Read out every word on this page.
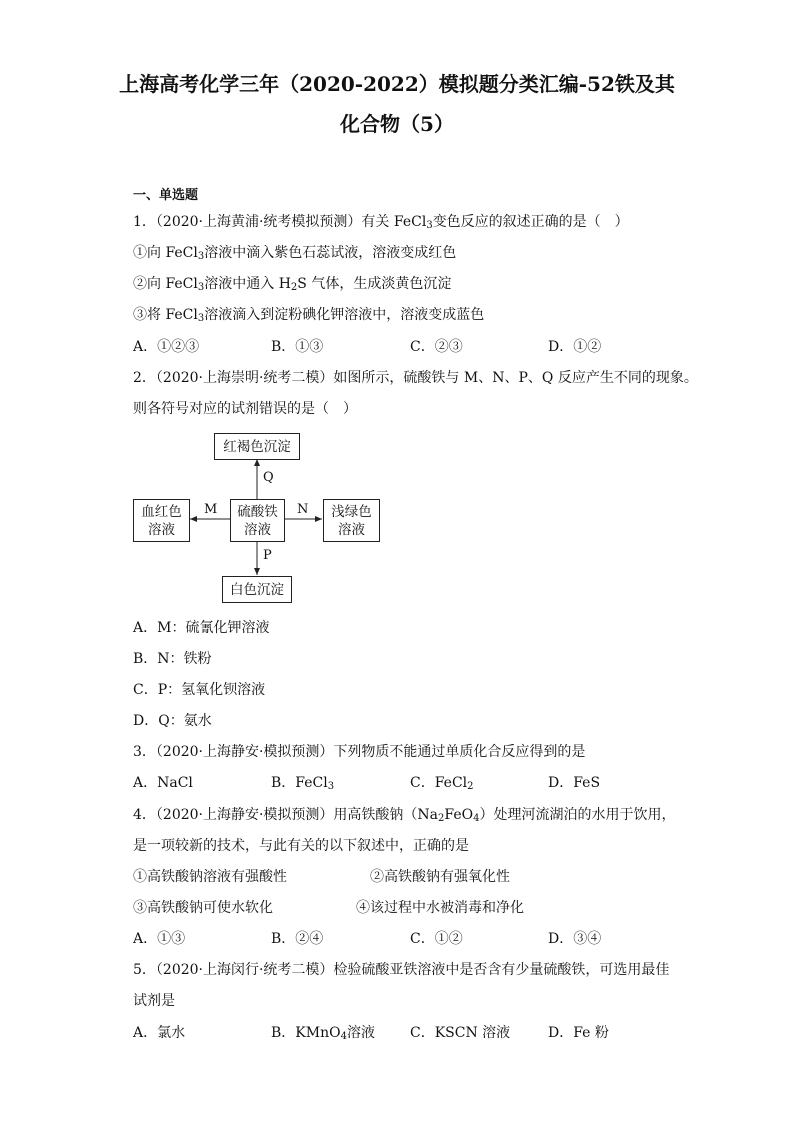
上海高考化学三年（2020-2022）模拟题分类汇编-52铁及其
化合物（5）
一、单选题
1．（2020·上海黄浦·统考模拟预测）有关 FeCl$_3$变色反应的叙述正确的是（　）
①向 FeCl$_3$溶液中滴入紫色石蕊试液，溶液变成红色
②向 FeCl$_3$溶液中通入 $H_2S$ 气体，生成淡黄色沉淀
③将 FeCl$_3$溶液滴入到淀粉碘化钾溶液中，溶液变成蓝色
A．①②③	B．①③	C．②③	D．①②
2．（2020·上海崇明·统考二模）如图所示，硫酸铁与 M、N、P、Q 反应产生不同的现象。
则各符号对应的试剂错误的是（　）
红褐色沉淀
血红色
溶液
硫酸铁
溶液
浅绿色
溶液
白色沉淀
Q
M	N
P
A．M：硫氰化钾溶液
B．N：铁粉
C．P：氢氧化钡溶液
D．Q：氨水
3．（2020·上海静安·模拟预测）下列物质不能通过单质化合反应得到的是
A．NaCl	B．FeCl$_3$	C．FeCl$_2$	D．FeS
4．（2020·上海静安·模拟预测）用高铁酸钠$(Na_2FeO_4)$处理河流湖泊的水用于饮用，
是一项较新的技术，与此有关的以下叙述中，正确的是
①高铁酸钠溶液有强酸性	②高铁酸钠有强氧化性
③高铁酸钠可使水软化	④该过程中水被消毒和净化
A．①③	B．②④	C．①②	D．③④
5．（2020·上海闵行·统考二模）检验硫酸亚铁溶液中是否含有少量硫酸铁，可选用最佳
试剂是
A．氯水	B．KMnO$_4$溶液	C．KSCN 溶液	D．Fe 粉
